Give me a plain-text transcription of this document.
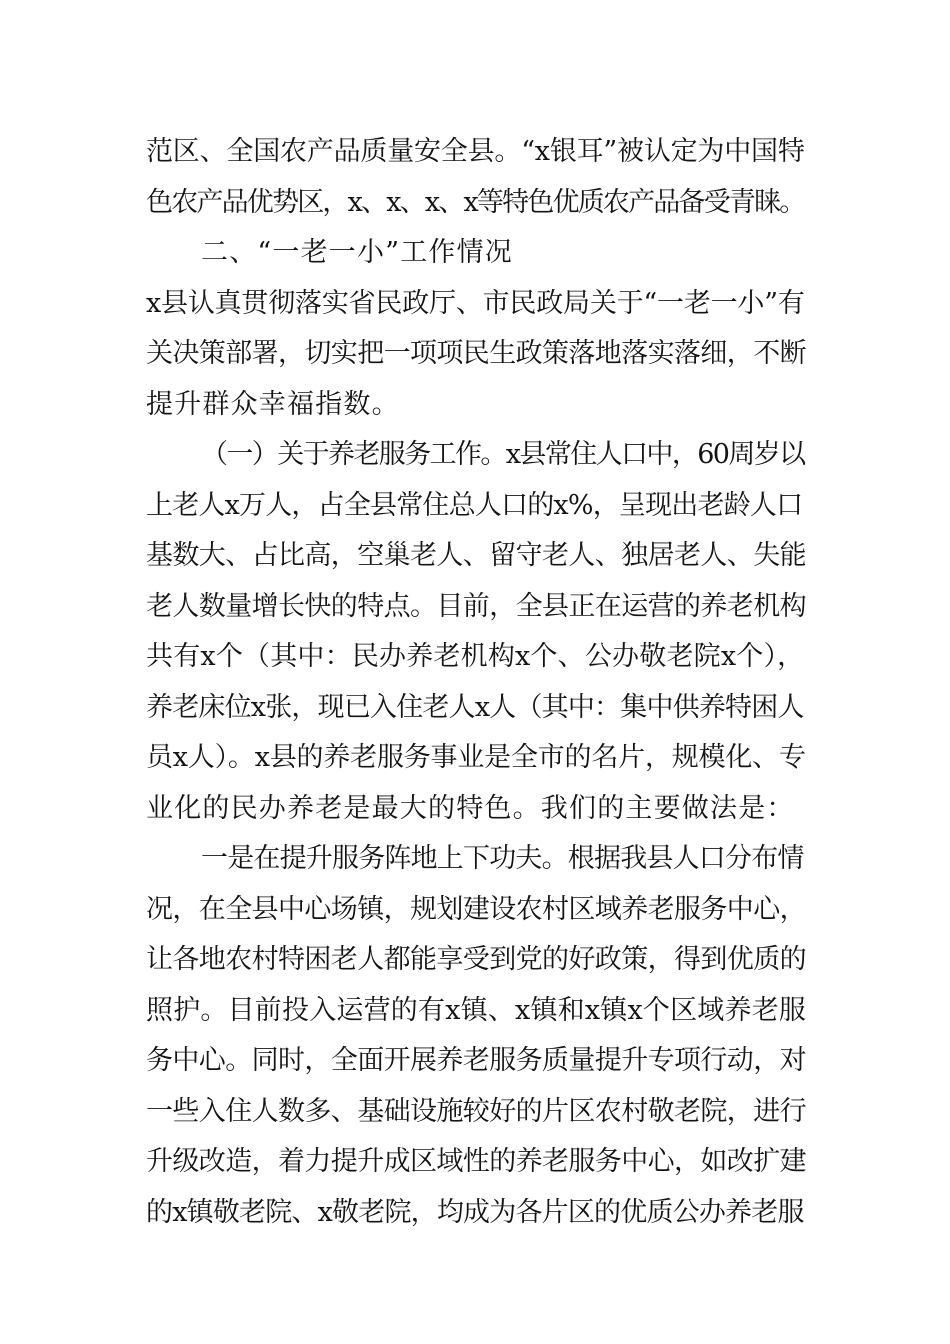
范区、全国农产品质量安全县。“x银耳”被认定为中国特
色农产品优势区，x、x、x、x等特色优质农产品备受青睐。
二、“一老一小”工作情况
x县认真贯彻落实省民政厅、市民政局关于“一老一小”有
关决策部署，切实把一项项民生政策落地落实落细，不断
提升群众幸福指数。
（一）关于养老服务工作。x县常住人口中，60周岁以
上老人x万人，占全县常住总人口的x%，呈现出老龄人口
基数大、占比高，空巢老人、留守老人、独居老人、失能
老人数量增长快的特点。目前，全县正在运营的养老机构
共有x个（其中：民办养老机构x个、公办敬老院x个），
养老床位x张，现已入住老人x人（其中：集中供养特困人
员x人）。x县的养老服务事业是全市的名片，规模化、专
业化的民办养老是最大的特色。我们的主要做法是：
一是在提升服务阵地上下功夫。根据我县人口分布情
况，在全县中心场镇，规划建设农村区域养老服务中心，
让各地农村特困老人都能享受到党的好政策，得到优质的
照护。目前投入运营的有x镇、x镇和x镇x个区域养老服
务中心。同时，全面开展养老服务质量提升专项行动，对
一些入住人数多、基础设施较好的片区农村敬老院，进行
升级改造，着力提升成区域性的养老服务中心，如改扩建
的x镇敬老院、x敬老院，均成为各片区的优质公办养老服
